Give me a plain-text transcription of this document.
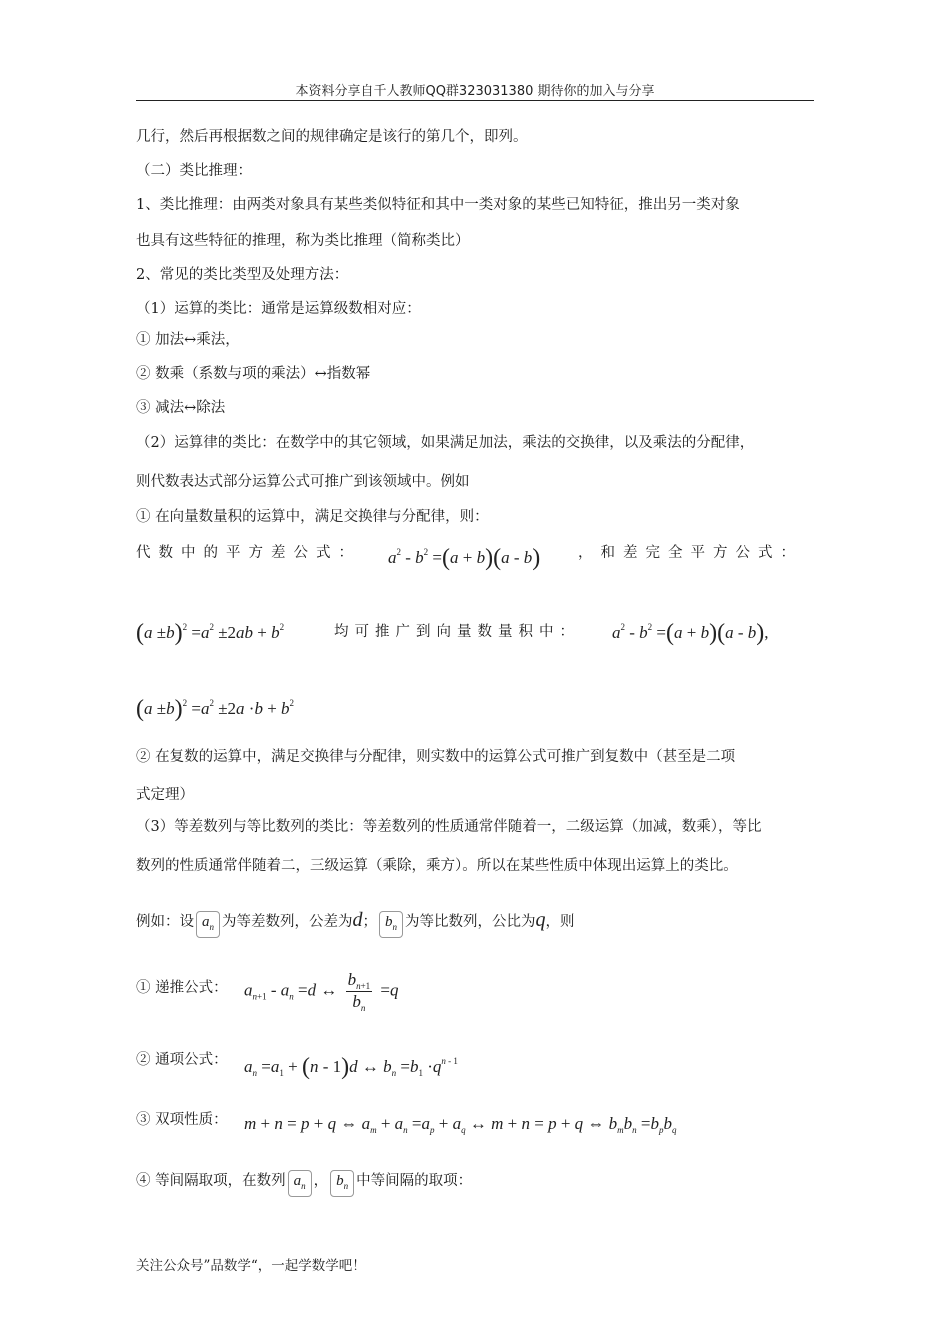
本资料分享自千人教师QQ群323031380 期待你的加入与分享
几行，然后再根据数之间的规律确定是该行的第几个，即列。
（二）类比推理：
1、类比推理：由两类对象具有某些类似特征和其中一类对象的某些已知特征，推出另一类对象
也具有这些特征的推理，称为类比推理（简称类比）
2、常见的类比类型及处理方法：
（1）运算的类比：通常是运算级数相对应：
① 加法↔乘法，
② 数乘（系数与项的乘法）↔指数幂
③ 减法↔除法
（2）运算律的类比：在数学中的其它领域，如果满足加法，乘法的交换律，以及乘法的分配律，
则代数表达式部分运算公式可推广到该领域中。例如
① 在向量数量积的运算中，满足交换律与分配律，则：
代数中的平方差公式： $a^2 - b^2 =(a + b)(a - b)$	，和差完全平方公式：
$(a \pm b)^2 =a^2 \pm 2ab + b^2$	均可推广到向量数量积中： $a^2 - b^2 =(a + b)(a - b)$,
$(a \pm b)^2 =a^2 \pm 2a \cdot b + b^2$
② 在复数的运算中，满足交换律与分配律，则实数中的运算公式可推广到复数中（甚至是二项
式定理）
（3）等差数列与等比数列的类比：等差数列的性质通常伴随着一，二级运算（加减，数乘），等比
数列的性质通常伴随着二，三级运算（乘除，乘方）。所以在某些性质中体现出运算上的类比。
例如：设 $a_n$ 为等差数列，公差为d； $b_n$ 为等比数列，公比为q，则
① 递推公式： $a_{n+1} - a_n =d$ ↔ $\frac{b_{n+1}}{b_n} =q$
② 通项公式： $a_n =a_1 + (n - 1)d$ ↔ $b_n =b_1 \cdot q^{n - 1}$
③ 双项性质： m + n = p + q ⇔ $a_m + a_n =a_p + a_q$ ↔ m + n = p + q ⇔ $b_mb_n =b_pb_q$
④ 等间隔取项，在数列 $a_n$ ， $b_n$ 中等间隔的取项：
关注公众号”品数学“，一起学数学吧！
